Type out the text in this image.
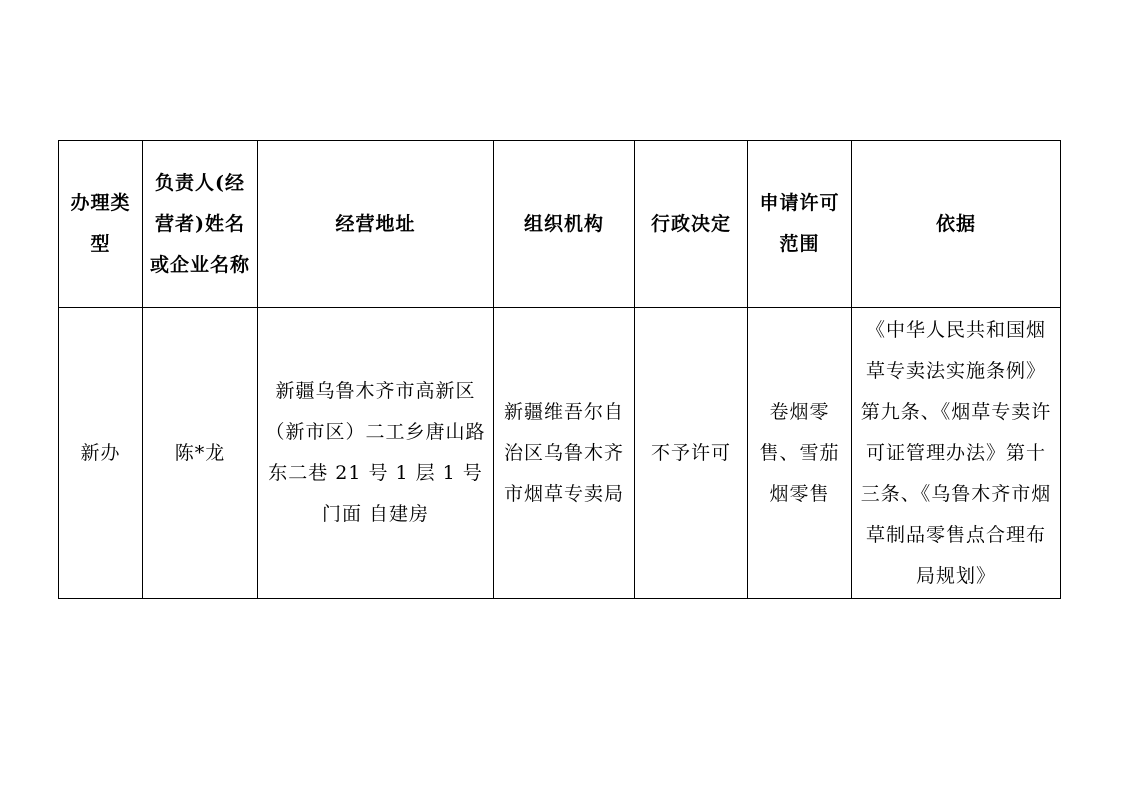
办理类型	负责人(经营者)姓名或企业名称	经营地址	组织机构	行政决定	申请许可范围	依据
新办	陈*龙	新疆乌鲁木齐市高新区（新市区）二工乡唐山路东二巷 21 号 1 层 1 号门面 自建房	新疆维吾尔自治区乌鲁木齐市烟草专卖局	不予许可	卷烟零售、雪茄烟零售	《中华人民共和国烟草专卖法实施条例》第九条、《烟草专卖许可证管理办法》第十三条、《乌鲁木齐市烟草制品零售点合理布局规划》
